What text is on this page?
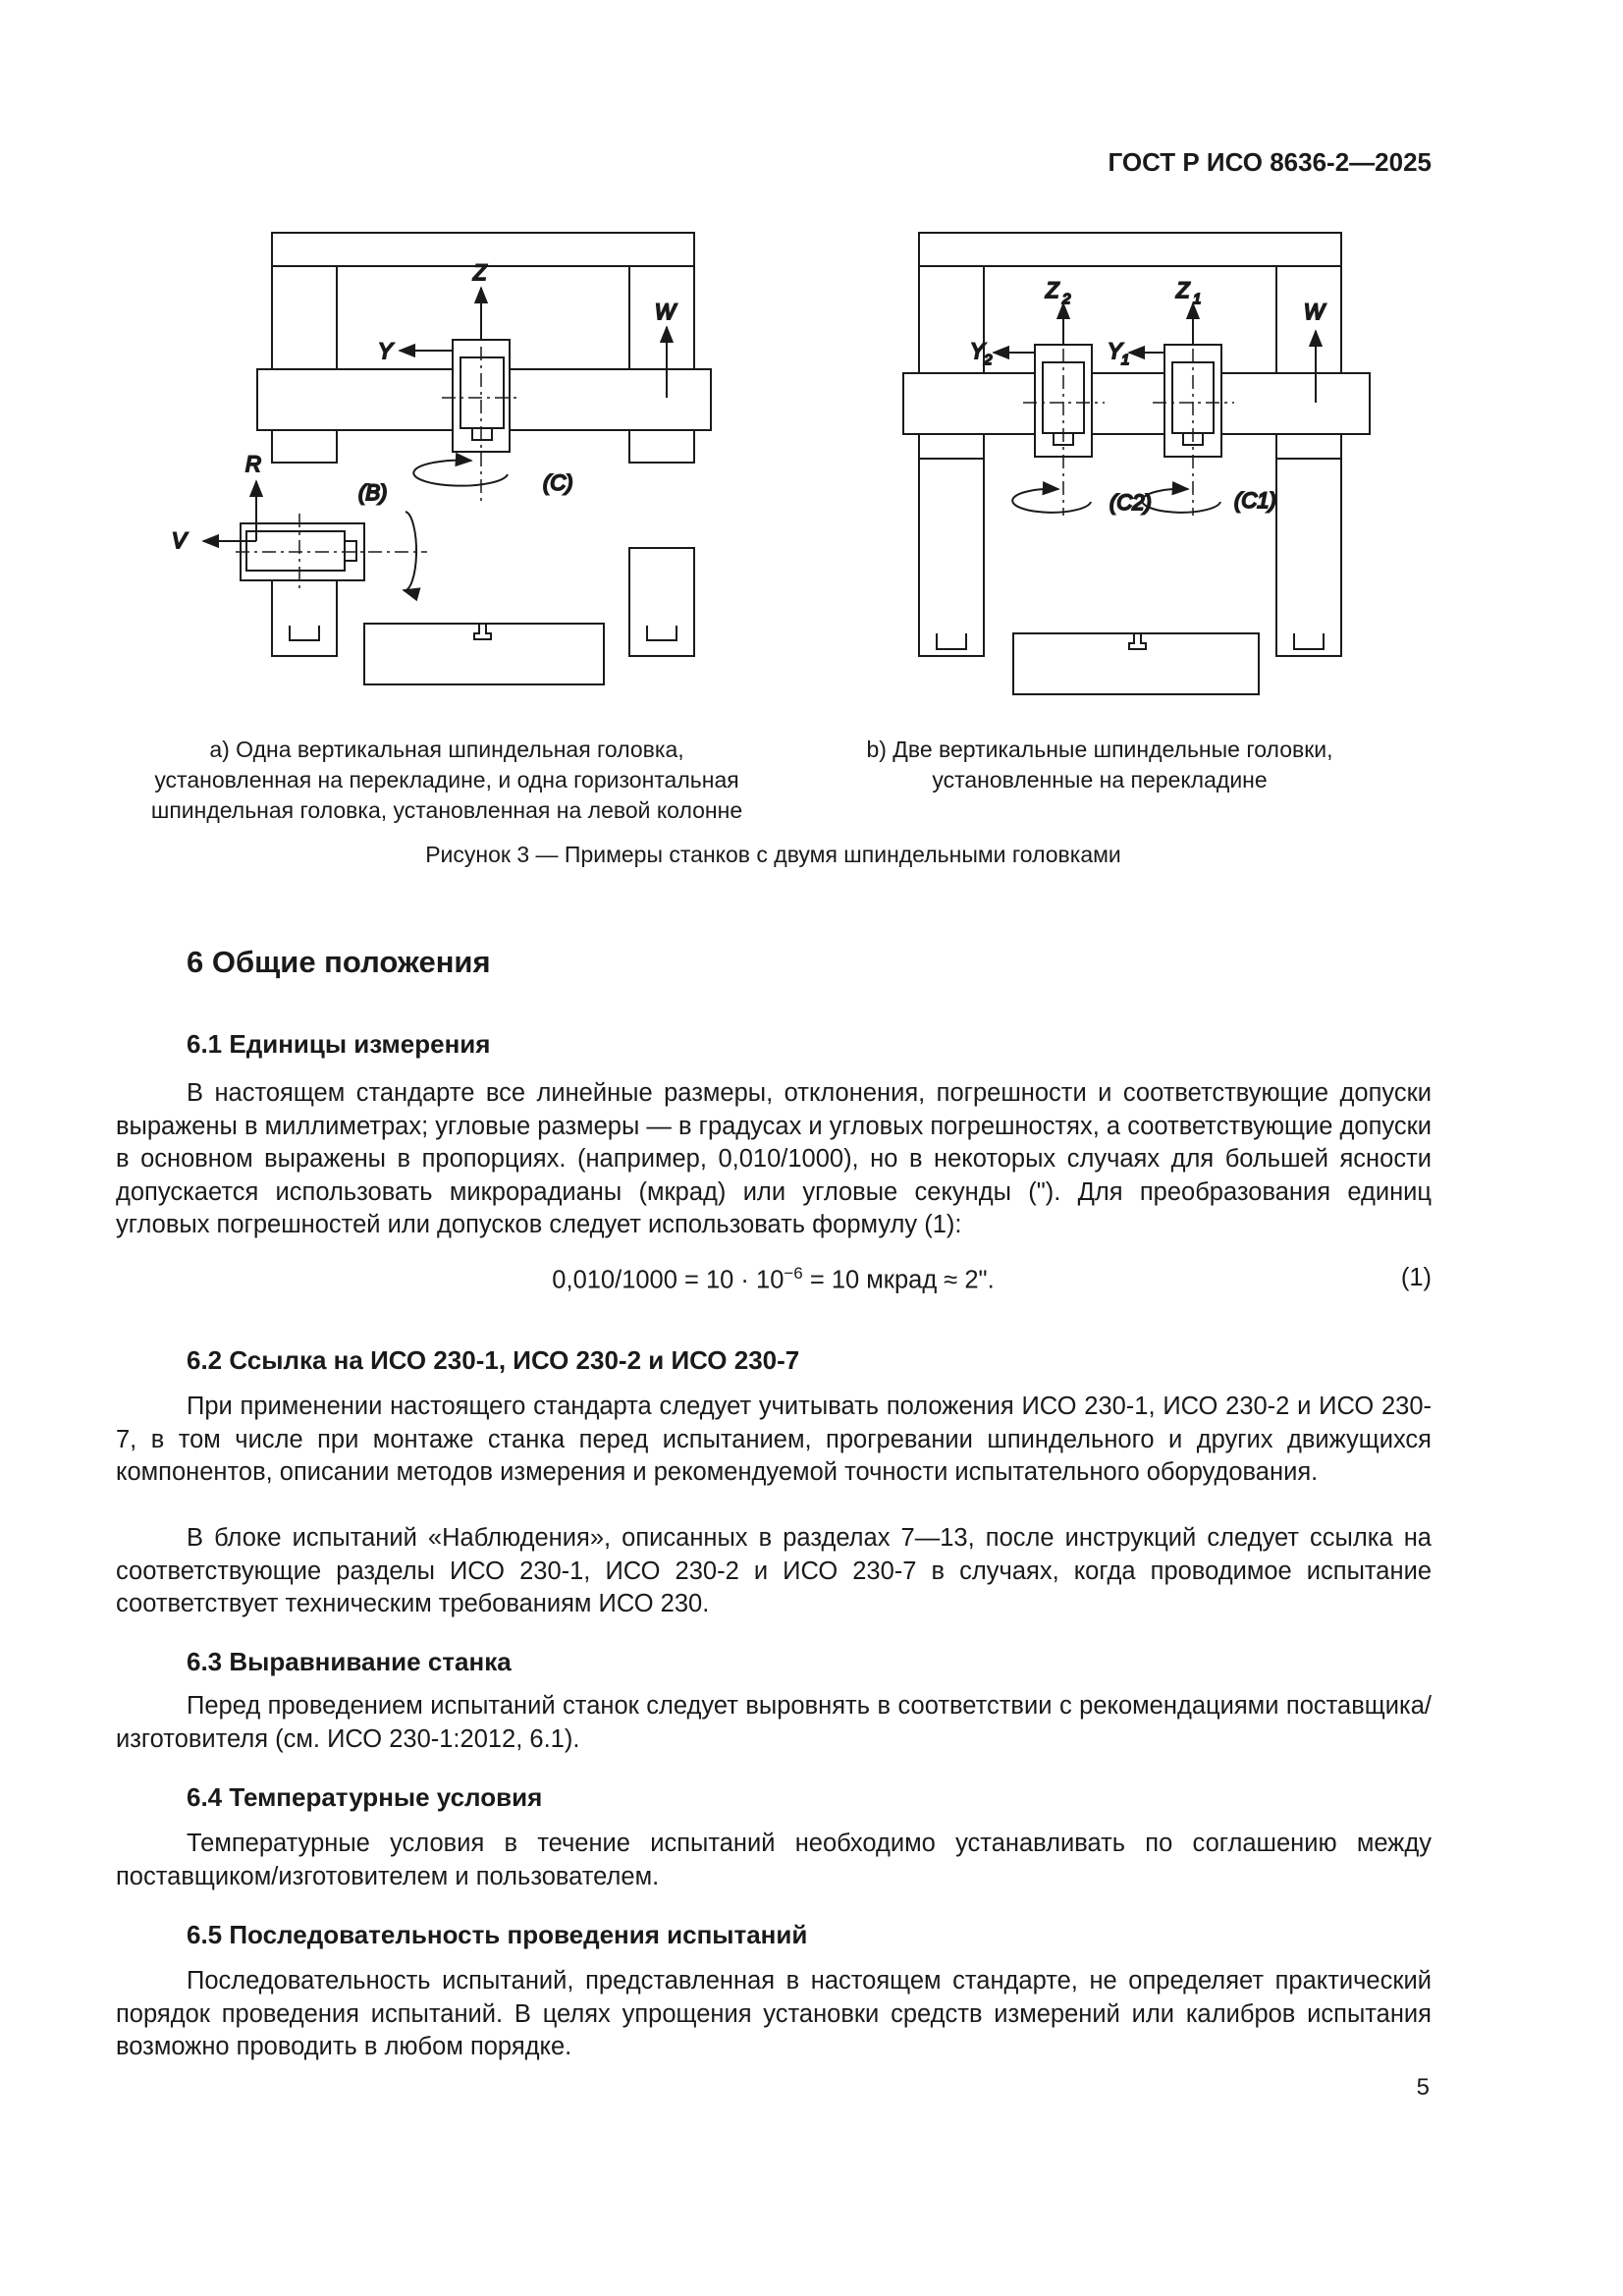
ГОСТ Р ИСО 8636-2—2025
Z
Y
W
R
V
(B)	(C)
Z 2	Z 1
W
Y 2	Y 1
(C2)	(C1)
а) Одна вертикальная шпиндельная головка,
установленная на перекладине, и одна горизонтальная
шпиндельная головка, установленная на левой колонне
b) Две вертикальные шпиндельные головки,
установленные на перекладине
Рисунок 3 — Примеры станков с двумя шпиндельными головками
6 Общие положения
6.1 Единицы измерения

В настоящем стандарте все линейные размеры, отклонения, погрешности и соответствующие допуски выражены в миллиметрах; угловые размеры — в градусах и угловых погрешностях, а соответствующие допуски в основном выражены в пропорциях. (например, 0,010/1000), но в некоторых случаях для большей ясности допускается использовать микрорадианы (мкрад) или угловые секунды ("). Для преобразования единиц угловых погрешностей или допусков следует использовать формулу (1):

$0,010/1000 = 10 \cdot 10^{-6} = 10$ мкрад ≈ 2".	(1)
6.2 Ссылка на ИСО 230-1, ИСО 230-2 и ИСО 230-7

При применении настоящего стандарта следует учитывать положения ИСО 230-1, ИСО 230-2 и ИСО 230-7, в том числе при монтаже станка перед испытанием, прогревании шпиндельного и других движущихся компонентов, описании методов измерения и рекомендуемой точности испытательного оборудования.

В блоке испытаний «Наблюдения», описанных в разделах 7—13, после инструкций следует ссылка на соответствующие разделы ИСО 230-1, ИСО 230-2 и ИСО 230-7 в случаях, когда проводимое испытание соответствует техническим требованиям ИСО 230.

6.3 Выравнивание станка

Перед проведением испытаний станок следует выровнять в соответствии с рекомендациями поставщика/изготовителя (см. ИСО 230-1:2012, 6.1).

6.4 Температурные условия

Температурные условия в течение испытаний необходимо устанавливать по соглашению между поставщиком/изготовителем и пользователем.

6.5 Последовательность проведения испытаний

Последовательность испытаний, представленная в настоящем стандарте, не определяет практический порядок проведения испытаний. В целях упрощения установки средств измерений или калибров испытания возможно проводить в любом порядке.

5
